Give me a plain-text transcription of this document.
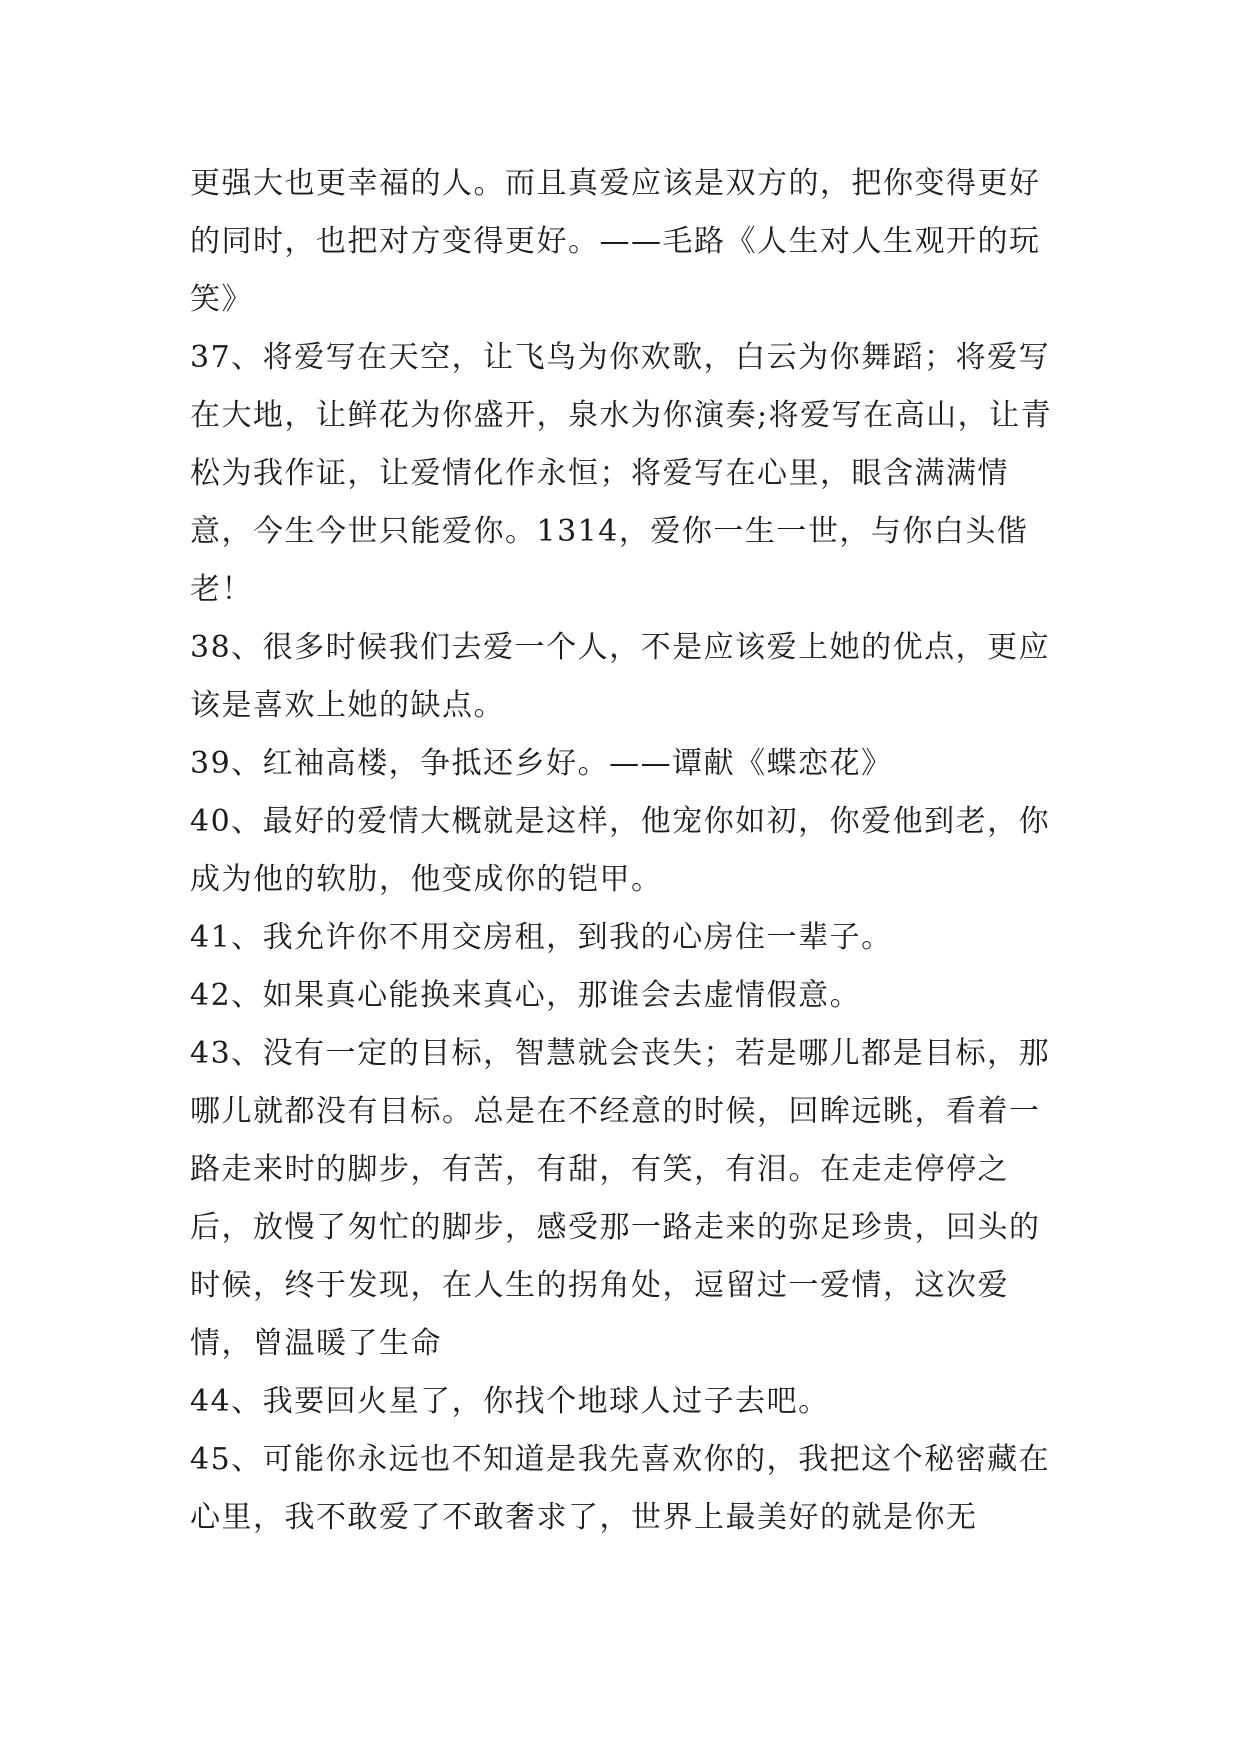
更强大也更幸福的人。而且真爱应该是双方的，把你变得更好的同时，也把对方变得更好。——毛路《人生对人生观开的玩笑》

37、将爱写在天空，让飞鸟为你欢歌，白云为你舞蹈；将爱写在大地，让鲜花为你盛开，泉水为你演奏;将爱写在高山，让青松为我作证，让爱情化作永恒；将爱写在心里，眼含满满情意，今生今世只能爱你。1314，爱你一生一世，与你白头偕老！

38、很多时候我们去爱一个人，不是应该爱上她的优点，更应该是喜欢上她的缺点。

39、红袖高楼，争抵还乡好。——谭献《蝶恋花》

40、最好的爱情大概就是这样，他宠你如初，你爱他到老，你成为他的软肋，他变成你的铠甲。

41、我允许你不用交房租，到我的心房住一辈子。

42、如果真心能换来真心，那谁会去虚情假意。

43、没有一定的目标，智慧就会丧失；若是哪儿都是目标，那哪儿就都没有目标。总是在不经意的时候，回眸远眺，看着一路走来时的脚步，有苦，有甜，有笑，有泪。在走走停停之后，放慢了匆忙的脚步，感受那一路走来的弥足珍贵，回头的时候，终于发现，在人生的拐角处，逗留过一爱情，这次爱情，曾温暖了生命

44、我要回火星了，你找个地球人过子去吧。

45、可能你永远也不知道是我先喜欢你的，我把这个秘密藏在心里，我不敢爱了不敢奢求了，世界上最美好的就是你无
